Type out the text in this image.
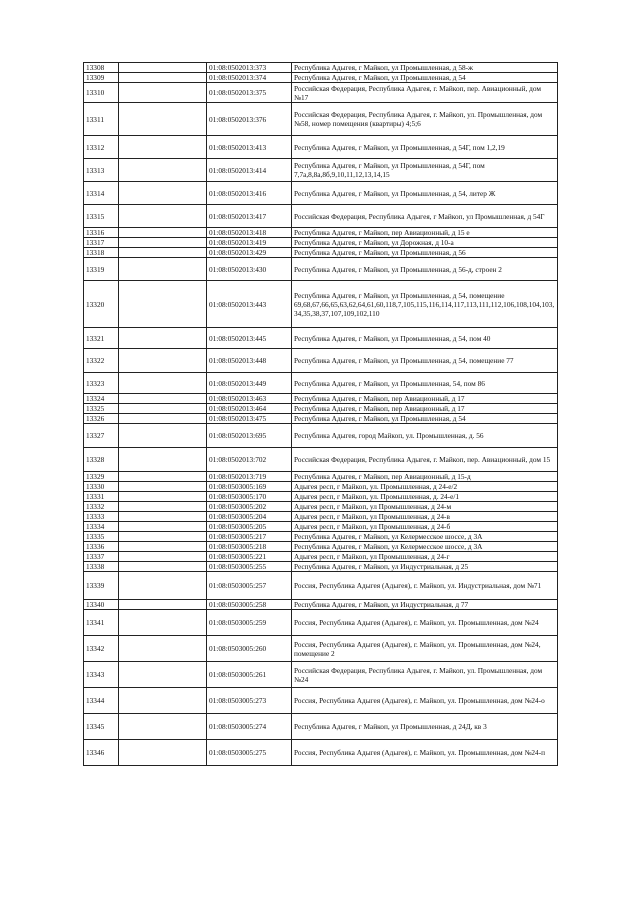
13308		01:08:0502013:373	Республика Адыгея, г Майкоп, ул Промышленная, д 58-ж
13309		01:08:0502013:374	Республика Адыгея, г Майкоп, ул Промышленная, д 54
13310		01:08:0502013:375	Российская Федерация, Республика Адыгея, г. Майкоп, пер. Авиационный, дом №17
13311		01:08:0502013:376	Российская Федерация, Республика Адыгея, г. Майкоп, ул. Промышленная, дом №58, номер помещения (квартиры) 4;5;6
13312		01:08:0502013:413	Республика Адыгея, г Майкоп, ул Промышленная, д 54Г, пом 1,2,19
13313		01:08:0502013:414	Республика Адыгея, г Майкоп, ул Промышленная, д 54Г, пом 7,7а,8,8а,8б,9,10,11,12,13,14,15
13314		01:08:0502013:416	Республика Адыгея, г Майкоп, ул Промышленная, д 54, литер Ж
13315		01:08:0502013:417	Российская Федерация, Республика Адыгея, г Майкоп, ул Промышленная, д 54Г
13316		01:08:0502013:418	Республика Адыгея, г Майкоп, пер Авиационный, д 15 е
13317		01:08:0502013:419	Республика Адыгея, г Майкоп, ул Дорожная, д 10-а
13318		01:08:0502013:429	Республика Адыгея, г Майкоп, ул Промышленная, д 56
13319		01:08:0502013:430	Республика Адыгея, г Майкоп, ул Промышленная, д 56-д, строен 2
13320		01:08:0502013:443	Республика Адыгея, г Майкоп, ул Промышленная, д 54, помещение 69,68,67,66,65,63,62,64,61,60,118,7,105,115,116,114,117,113,111,112,106,108,104,103,34,35,38,37,107,109,102,110
13321		01:08:0502013:445	Республика Адыгея, г Майкоп, ул Промышленная, д 54, пом 40
13322		01:08:0502013:448	Республика Адыгея, г Майкоп, ул Промышленная, д 54, помещение 77
13323		01:08:0502013:449	Республика Адыгея, г Майкоп, ул Промышленная, 54, пом 86
13324		01:08:0502013:463	Республика Адыгея, г Майкоп, пер Авиационный, д 17
13325		01:08:0502013:464	Республика Адыгея, г Майкоп, пер Авиационный, д 17
13326		01:08:0502013:475	Республика Адыгея, г Майкоп, ул Промышленная, д 54
13327		01:08:0502013:695	Республика Адыгея, город Майкоп, ул. Промышленная, д. 56
13328		01:08:0502013:702	Российская Федерация, Республика Адыгея, г. Майкоп, пер. Авиационный, дом 15
13329		01:08:0502013:719	Республика Адыгея, г Майкоп, пер Авиационный, д 15-д
13330		01:08:0503005:169	Адыгея респ, г Майкоп, ул. Промышленная, д 24-е/2
13331		01:08:0503005:170	Адыгея респ, г Майкоп, ул. Промышленная, д. 24-е/1
13332		01:08:0503005:202	Адыгея респ, г Майкоп, ул Промышленная, д 24-м
13333		01:08:0503005:204	Адыгея респ, г Майкоп, ул Промышленная, д 24-в
13334		01:08:0503005:205	Адыгея респ, г Майкоп, ул Промышленная, д 24-б
13335		01:08:0503005:217	Республика Адыгея, г Майкоп, ул Келермесское шоссе, д 3А
13336		01:08:0503005:218	Республика Адыгея, г Майкоп, ул Келермесское шоссе, д 3А
13337		01:08:0503005:221	Адыгея респ, г Майкоп, ул Промышленная, д 24-г
13338		01:08:0503005:255	Республика Адыгея, г Майкоп, ул Индустриальная, д 25
13339		01:08:0503005:257	Россия, Республика Адыгея (Адыгея), г. Майкоп, ул. Индустриальная, дом №71
13340		01:08:0503005:258	Республика Адыгея, г Майкоп, ул Индустриальная, д 77
13341		01:08:0503005:259	Россия, Республика Адыгея (Адыгея), г. Майкоп, ул. Промышленная, дом №24
13342		01:08:0503005:260	Россия, Республика Адыгея (Адыгея), г. Майкоп, ул. Промышленная, дом №24, помещение 2
13343		01:08:0503005:261	Российская Федерация, Республика Адыгея, г. Майкоп, ул. Промышленная, дом №24
13344		01:08:0503005:273	Россия, Республика Адыгея (Адыгея), г. Майкоп, ул. Промышленная, дом №24-о
13345		01:08:0503005:274	Республика Адыгея, г Майкоп, ул Промышленная, д 24Д, кв 3
13346		01:08:0503005:275	Россия, Республика Адыгея (Адыгея), г. Майкоп, ул. Промышленная, дом №24-п
